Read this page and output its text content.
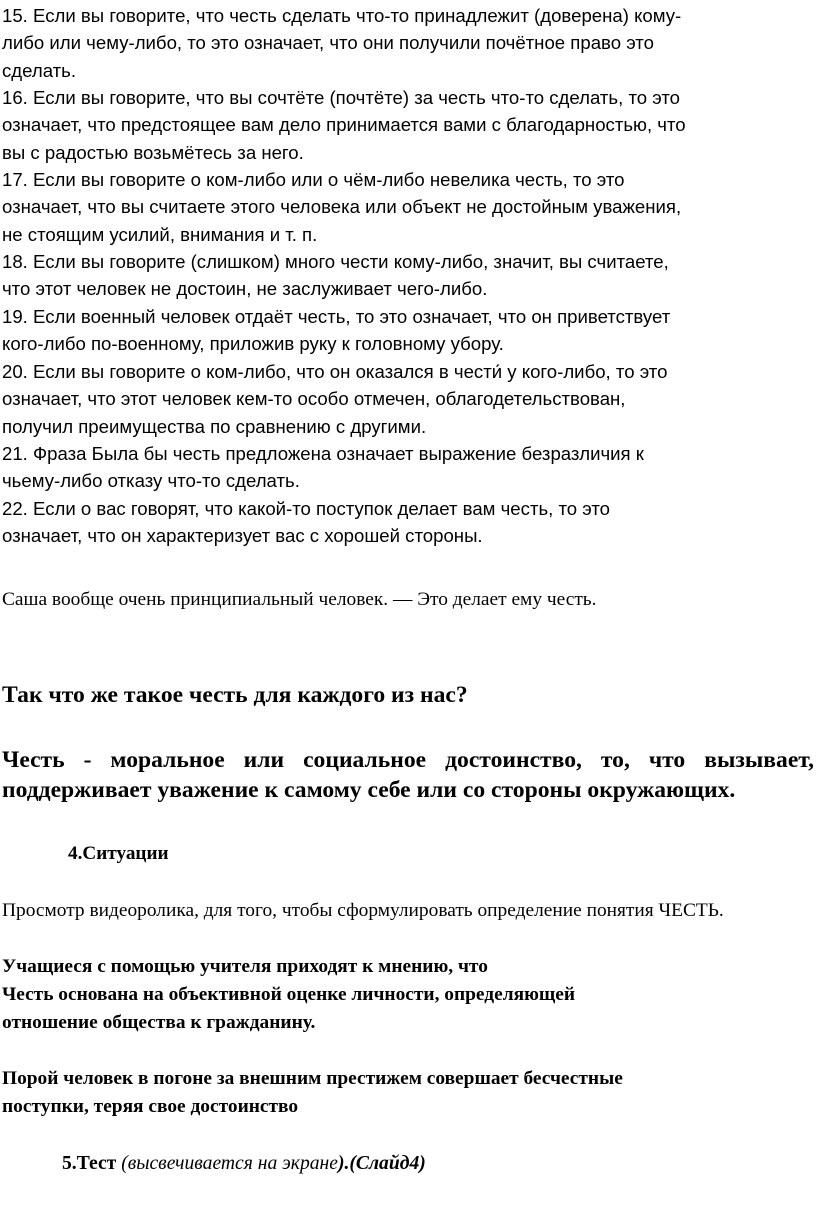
15. Если вы говорите, что честь сделать что-то принадлежит (доверена) кому-
либо или чему-либо, то это означает, что они получили почётное право это
сделать.

16. Если вы говорите, что вы сочтёте (почтёте) за честь что-то сделать, то это
означает, что предстоящее вам дело принимается вами с благодарностью, что
вы с радостью возьмётесь за него.

17. Если вы говорите о ком-либо или о чём-либо невелика честь, то это
означает, что вы считаете этого человека или объект не достойным уважения,
не стоящим усилий, внимания и т. п.

18. Если вы говорите (слишком) много чести кому-либо, значит, вы считаете,
что этот человек не достоин, не заслуживает чего-либо.

19. Если военный человек отдаёт честь, то это означает, что он приветствует
кого-либо по-военному, приложив руку к головному убору.

20. Если вы говорите о ком-либо, что он оказался в чести́ у кого-либо, то это
означает, что этот человек кем-то особо отмечен, облагодетельствован,
получил преимущества по сравнению с другими.

21. Фраза Была бы честь предложена означает выражение безразличия к
чьему-либо отказу что-то сделать.

22. Если о вас говорят, что какой-то поступок делает вам честь, то это
означает, что он характеризует вас с хорошей стороны.

Саша вообще очень принципиальный человек. — Это делает ему честь.

Так что же такое честь для каждого из нас?

Честь - моральное или социальное достоинство, то, что вызывает, поддерживает уважение к самому себе или со стороны окружающих.

4.Ситуации

Просмотр видеоролика, для того, чтобы сформулировать определение понятия ЧЕСТЬ.

Учащиеся с помощью учителя приходят к мнению, что
Честь основана на объективной оценке личности, определяющей
отношение общества к гражданину.

Порой человек в погоне за внешним престижем совершает бесчестные
поступки, теряя свое достоинство

5.Тест (высвечивается на экране).(Слайд4)
